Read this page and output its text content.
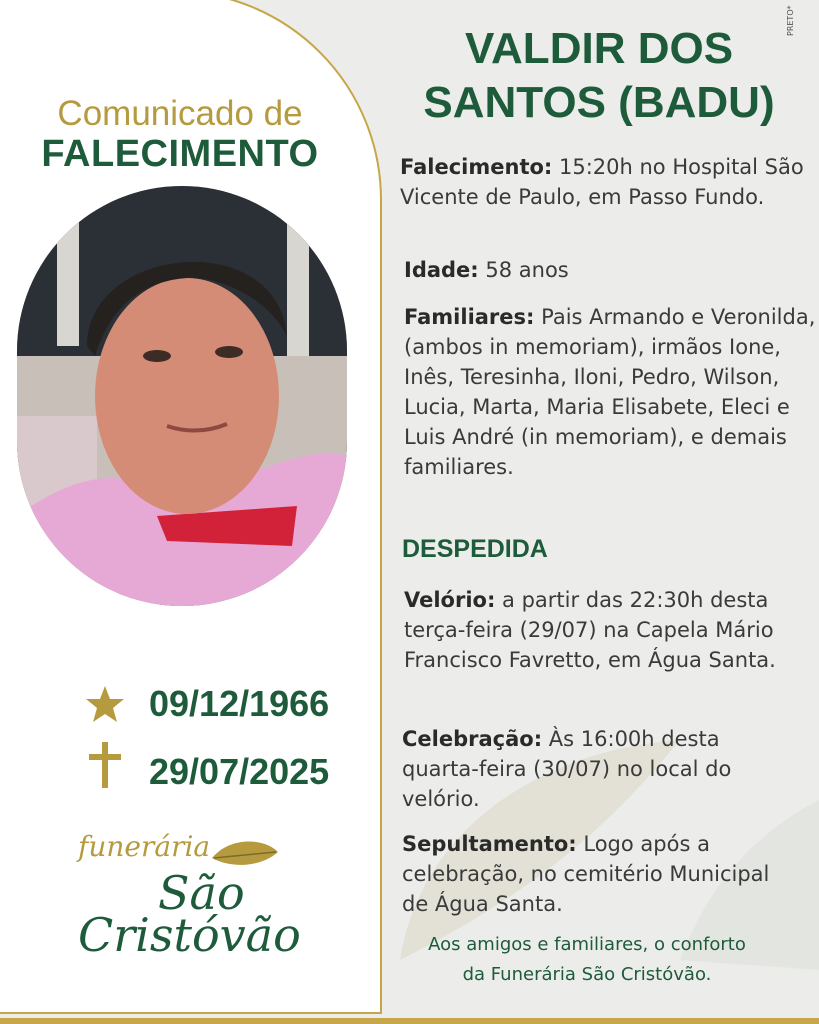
Comunicado de
FALECIMENTO
09/12/1966
29/07/2025
funerária
São
Cristóvão
PRETO*
VALDIR DOS
SANTOS (BADU)
Falecimento: 15:20h no Hospital São Vicente de Paulo, em Passo Fundo.
Idade: 58 anos
Familiares: Pais Armando e Veronilda, (ambos in memoriam), irmãos Ione, Inês, Teresinha, Iloni, Pedro, Wilson, Lucia, Marta, Maria Elisabete, Eleci e Luis André (in memoriam), e demais familiares.
DESPEDIDA
Velório: a partir das 22:30h desta terça-feira (29/07) na Capela Mário Francisco Favretto, em Água Santa.
Celebração: Às 16:00h desta quarta-feira (30/07) no local do velório.
Sepultamento: Logo após a celebração, no cemitério Municipal de Água Santa.
Aos amigos e familiares, o conforto
da Funerária São Cristóvão.
